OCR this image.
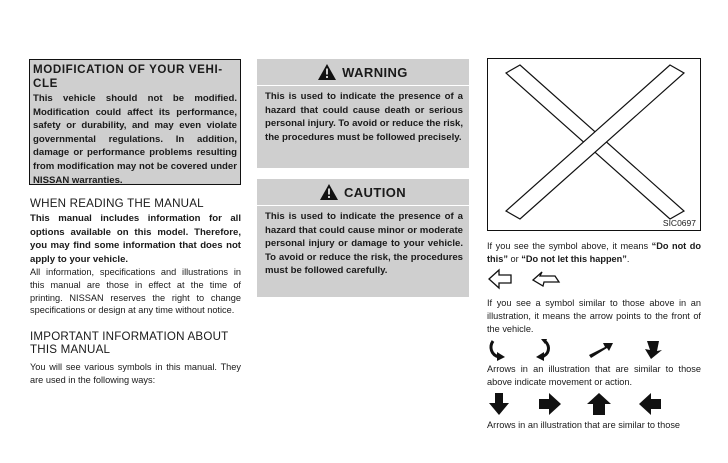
MODIFICATION OF YOUR VEHI-
CLE
This vehicle should not be modified. Modification could affect its performance, safety or durability, and may even violate governmental regulations. In addition, damage or performance problems resulting from modification may not be covered under NISSAN warranties.
WHEN READING THE MANUAL
This manual includes information for all options available on this model. Therefore, you may find some information that does not apply to your vehicle.
All information, specifications and illustrations in this manual are those in effect at the time of printing. NISSAN reserves the right to change specifications or design at any time without notice.
IMPORTANT INFORMATION ABOUT
THIS MANUAL
You will see various symbols in this manual. They are used in the following ways:
WARNING
This is used to indicate the presence of a hazard that could cause death or serious personal injury. To avoid or reduce the risk, the procedures must be followed precisely.
CAUTION
This is used to indicate the presence of a hazard that could cause minor or moderate personal injury or damage to your vehicle. To avoid or reduce the risk, the procedures must be followed carefully.
SIC0697
If you see the symbol above, it means “Do not do this” or “Do not let this happen”.
If you see a symbol similar to those above in an illustration, it means the arrow points to the front of the vehicle.
Arrows in an illustration that are similar to those above indicate movement or action.
Arrows in an illustration that are similar to those
